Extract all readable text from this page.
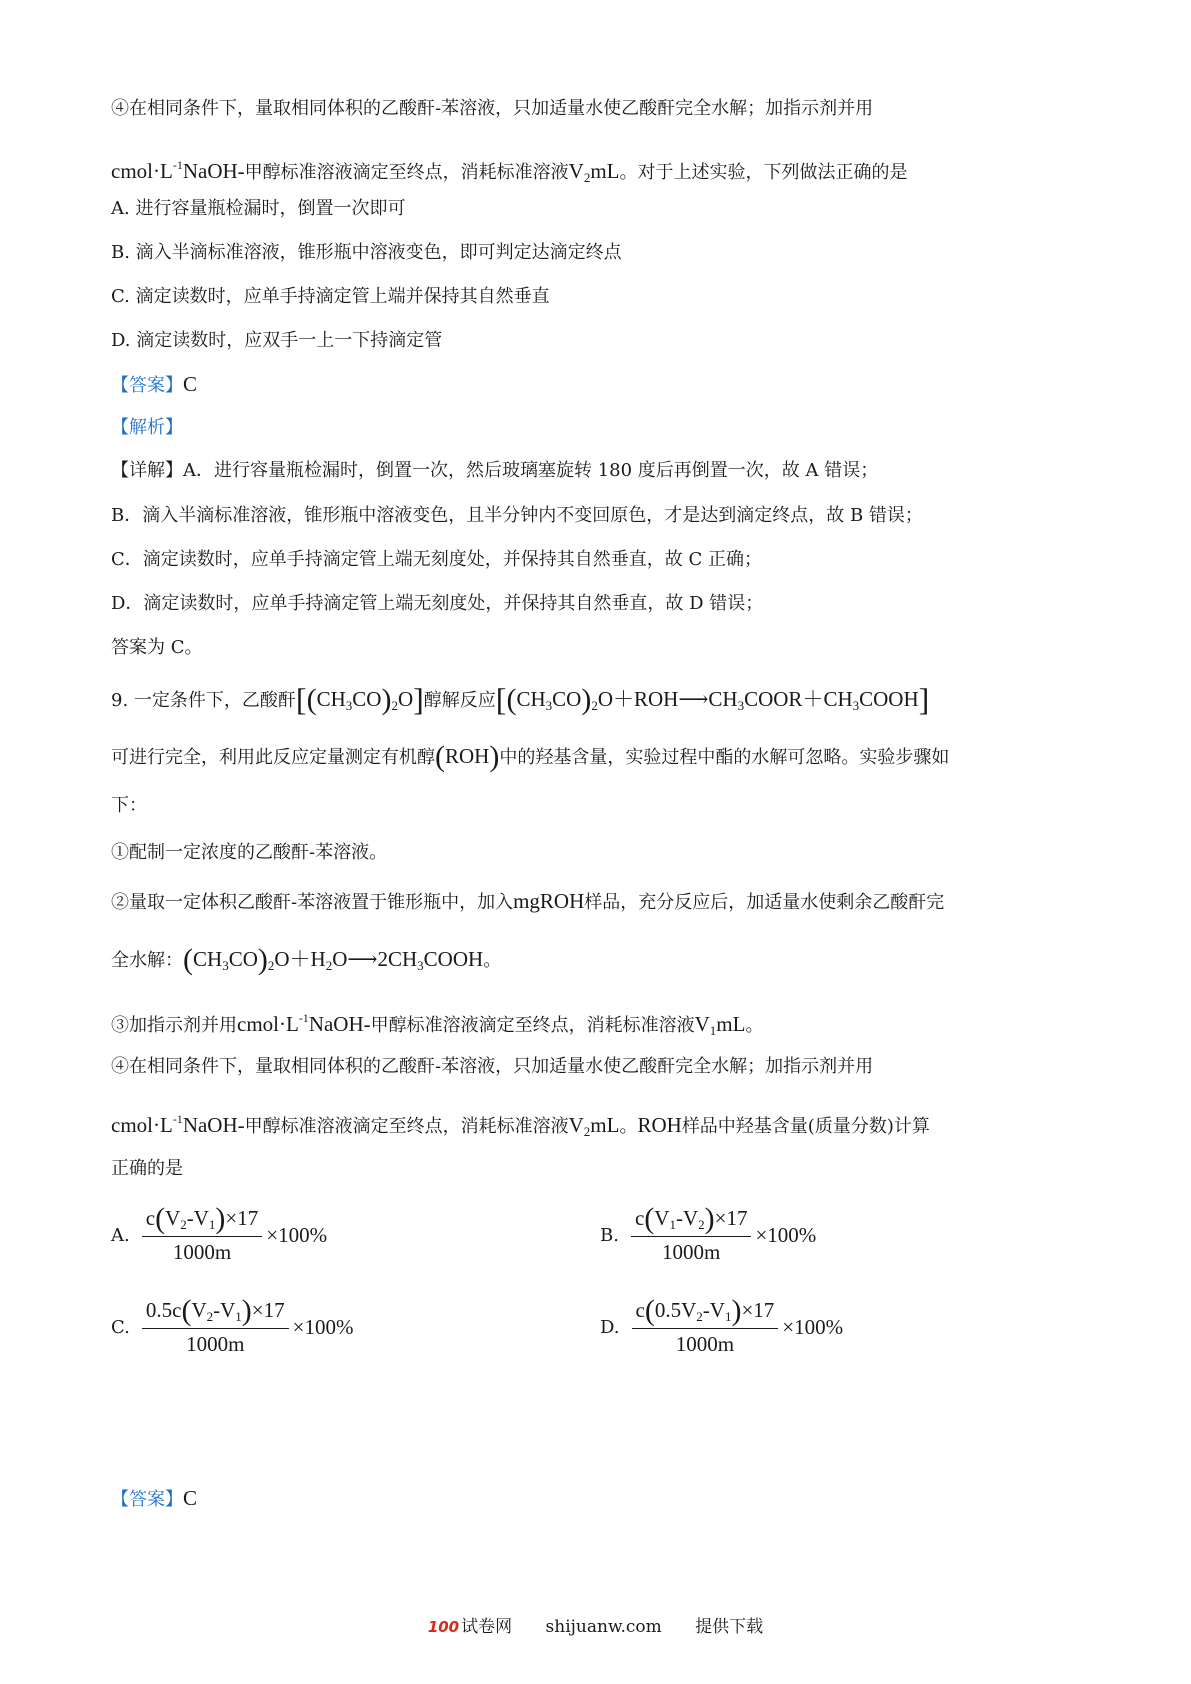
④在相同条件下，量取相同体积的乙酸酐-苯溶液，只加适量水使乙酸酐完全水解；加指示剂并用
$cmol\cdot L^{-1}NaOH-$甲醇标准溶液滴定至终点，消耗标准溶液$V_2mL$。对于上述实验，下列做法正确的是
A. 进行容量瓶检漏时，倒置一次即可
B. 滴入半滴标准溶液，锥形瓶中溶液变色，即可判定达滴定终点
C. 滴定读数时，应单手持滴定管上端并保持其自然垂直
D. 滴定读数时，应双手一上一下持滴定管
【答案】C
【解析】
【详解】A．进行容量瓶检漏时，倒置一次，然后玻璃塞旋转 180 度后再倒置一次，故 A 错误；
B．滴入半滴标准溶液，锥形瓶中溶液变色，且半分钟内不变回原色，才是达到滴定终点，故 B 错误；
C．滴定读数时，应单手持滴定管上端无刻度处，并保持其自然垂直，故 C 正确；
D．滴定读数时，应单手持滴定管上端无刻度处，并保持其自然垂直，故 D 错误；
答案为 C。
9. 一定条件下，乙酸酐$[(CH_3CO)_2O]$醇解反应$[(CH_3CO)_2O+ROH⟶CH_3COOR+CH_3COOH]$
可进行完全，利用此反应定量测定有机醇(ROH)中的羟基含量，实验过程中酯的水解可忽略。实验步骤如
下：
①配制一定浓度的乙酸酐-苯溶液。
②量取一定体积乙酸酐-苯溶液置于锥形瓶中，加入mgROH样品，充分反应后，加适量水使剩余乙酸酐完
全水解：$(CH_3CO)_2O+H_2O⟶2CH_3COOH$。
③加指示剂并用$cmol\cdot L^{-1}NaOH-$甲醇标准溶液滴定至终点，消耗标准溶液$V_1mL$。
④在相同条件下，量取相同体积的乙酸酐-苯溶液，只加适量水使乙酸酐完全水解；加指示剂并用
$cmol\cdot L^{-1}NaOH-$甲醇标准溶液滴定至终点，消耗标准溶液$V_2mL$。ROH样品中羟基含量(质量分数)计算
正确的是
A. $\frac{c(V_2-V_1)\times 17}{1000m} \times 100\%$	B. $\frac{c(V_1-V_2)\times 17}{1000m} \times 100\%$
C. $\frac{0.5c(V_2-V_1)\times 17}{1000m} \times 100\%$	D. $\frac{c(0.5V_2-V_1)\times 17}{1000m} \times 100\%$
【答案】C
100 试卷网 shijuanw.com 提供下载
